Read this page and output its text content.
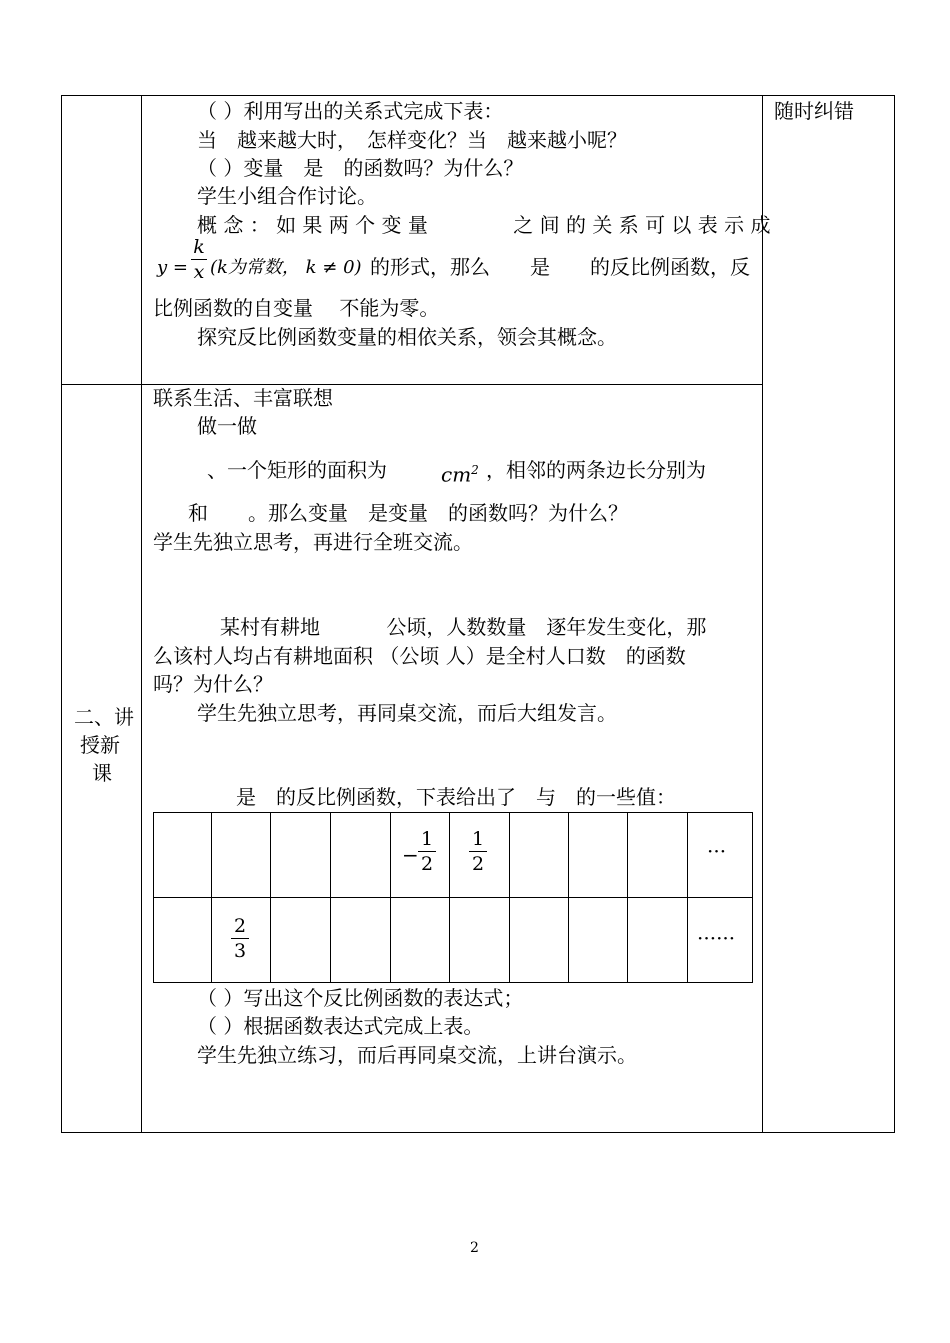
随时纠错
二、讲
授新
课
（ ）利用写出的关系式完成下表：
当　越来越大时，　怎样变化？当　越来越小呢？
（ ）变量　是　的函数吗？为什么？
学生小组合作讨论。
概 念 ： 如 果 两 个 变 量 　 　 　 之 间 的 关 系 可 以 表 示 成
y =
k
x (k为常数， k ≠ 0) 的形式，那么　　是　　的反比例函数，反
比例函数的自变量　 不能为零。
探究反比例函数变量的相依关系，领会其概念。
联系生活、丰富联想
做一做
、一个矩形的面积为	$cm^2$ ，相邻的两条边长分别为
和　　。那么变量　是变量　的函数吗？为什么？
学生先独立思考，再进行全班交流。
某村有耕地　　　 公顷，人数数量　逐年发生变化，那
么该村人均占有耕地面积 （公顷 人）是全村人口数　的函数
吗？为什么？
学生先独立思考，再同桌交流，而后大组发言。
是　的反比例函数，下表给出了　与　的一些值：
−
1
2
1
2
···
2
3
······
（ ）写出这个反比例函数的表达式；
（ ）根据函数表达式完成上表。
学生先独立练习，而后再同桌交流，上讲台演示。
2
